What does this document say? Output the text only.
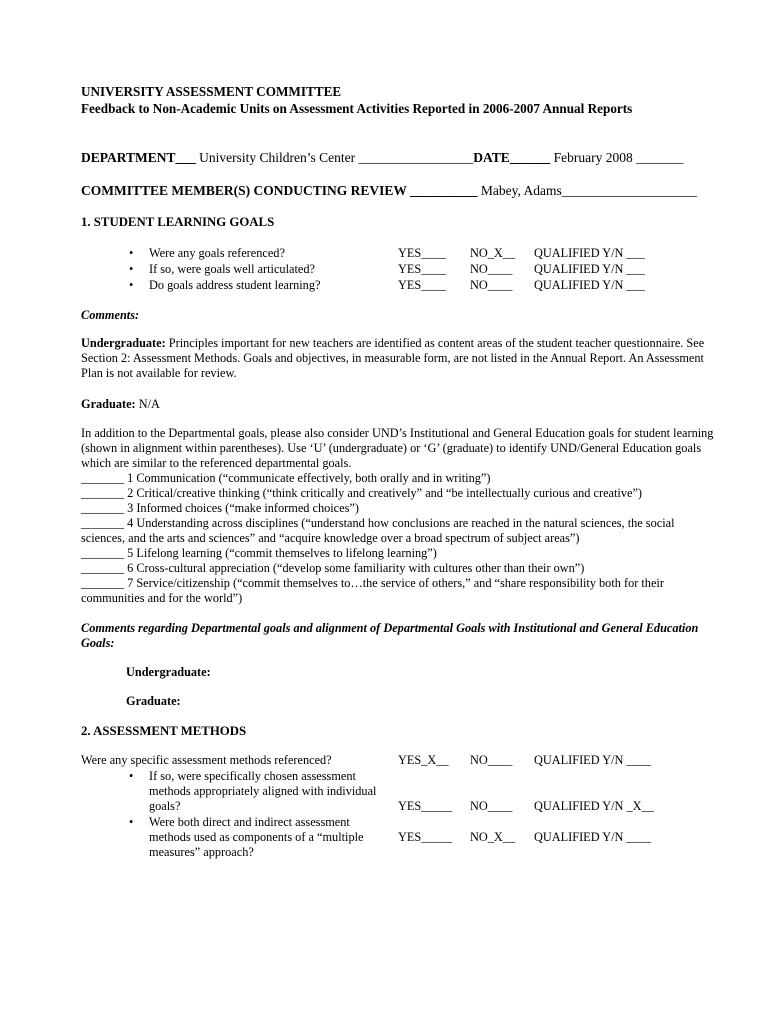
UNIVERSITY ASSESSMENT COMMITTEE
Feedback to Non-Academic Units on Assessment Activities Reported in 2006-2007 Annual Reports
DEPARTMENT___ University Children’s Center _________________DATE______ February 2008 _______
COMMITTEE MEMBER(S) CONDUCTING REVIEW __________ Mabey, Adams____________________
1. STUDENT LEARNING GOALS
• Were any goals referenced?	YES____ NO_X__ QUALIFIED Y/N ___
• If so, were goals well articulated?	YES____ NO____ QUALIFIED Y/N ___
• Do goals address student learning?	YES____ NO____ QUALIFIED Y/N ___
Comments:
Undergraduate: Principles important for new teachers are identified as content areas of the student teacher questionnaire. See Section 2: Assessment Methods. Goals and objectives, in measurable form, are not listed in the Annual Report. An Assessment Plan is not available for review.
Graduate: N/A
In addition to the Departmental goals, please also consider UND’s Institutional and General Education goals for student learning (shown in alignment within parentheses). Use ‘U’ (undergraduate) or ‘G’ (graduate) to identify UND/General Education goals which are similar to the referenced departmental goals.
_______ 1 Communication (“communicate effectively, both orally and in writing”)
_______ 2 Critical/creative thinking (“think critically and creatively” and “be intellectually curious and creative”)
_______ 3 Informed choices (“make informed choices”)
_______ 4 Understanding across disciplines (“understand how conclusions are reached in the natural sciences, the social
sciences, and the arts and sciences” and “acquire knowledge over a broad spectrum of subject areas”)
_______ 5 Lifelong learning (“commit themselves to lifelong learning”)
_______ 6 Cross-cultural appreciation (“develop some familiarity with cultures other than their own”)
_______ 7 Service/citizenship (“commit themselves to…the service of others,” and “share responsibility both for their
communities and for the world”)
Comments regarding Departmental goals and alignment of Departmental Goals with Institutional and General Education Goals:
Undergraduate:
Graduate:
2. ASSESSMENT METHODS
Were any specific assessment methods referenced?	YES_X__ NO____ QUALIFIED Y/N ____
• If so, were specifically chosen assessment methods appropriately aligned with individual goals?	YES_____ NO____ QUALIFIED Y/N _X__
• Were both direct and indirect assessment methods used as components of a “multiple measures” approach?
YES_____ NO_X__ QUALIFIED Y/N ____
